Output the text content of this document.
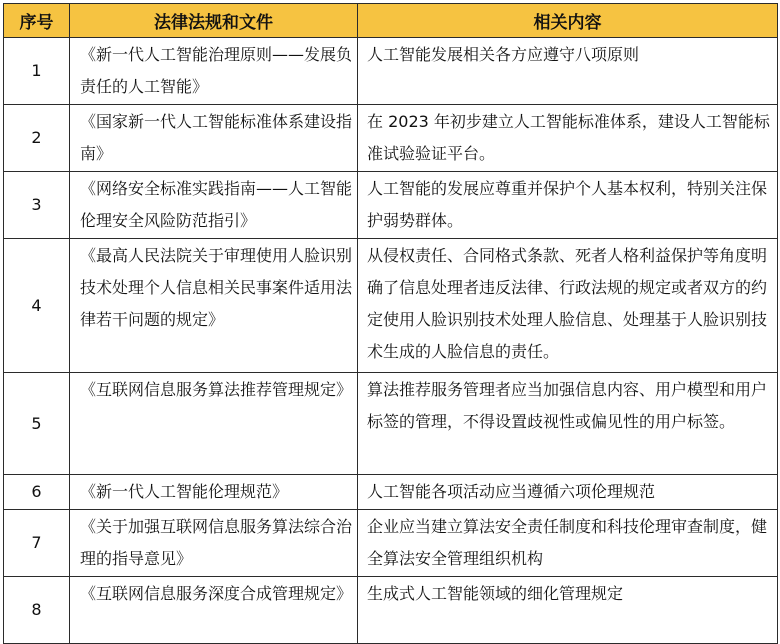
序号	法律法规和文件	相关内容
1	《新一代人工智能治理原则——发展负责任的人工智能》	人工智能发展相关各方应遵守八项原则
2	《国家新一代人工智能标准体系建设指南》	在 2023 年初步建立人工智能标准体系，建设人工智能标准试验验证平台。
3	《网络安全标准实践指南——人工智能伦理安全风险防范指引》	人工智能的发展应尊重并保护个人基本权利，特别关注保护弱势群体。
4	《最高人民法院关于审理使用人脸识别技术处理个人信息相关民事案件适用法律若干问题的规定》	从侵权责任、合同格式条款、死者人格利益保护等角度明确了信息处理者违反法律、行政法规的规定或者双方的约定使用人脸识别技术处理人脸信息、处理基于人脸识别技术生成的人脸信息的责任。
5	《互联网信息服务算法推荐管理规定》	算法推荐服务管理者应当加强信息内容、用户模型和用户标签的管理，不得设置歧视性或偏见性的用户标签。
6	《新一代人工智能伦理规范》	人工智能各项活动应当遵循六项伦理规范
7	《关于加强互联网信息服务算法综合治理的指导意见》	企业应当建立算法安全责任制度和科技伦理审查制度，健全算法安全管理组织机构
8	《互联网信息服务深度合成管理规定》	生成式人工智能领域的细化管理规定
